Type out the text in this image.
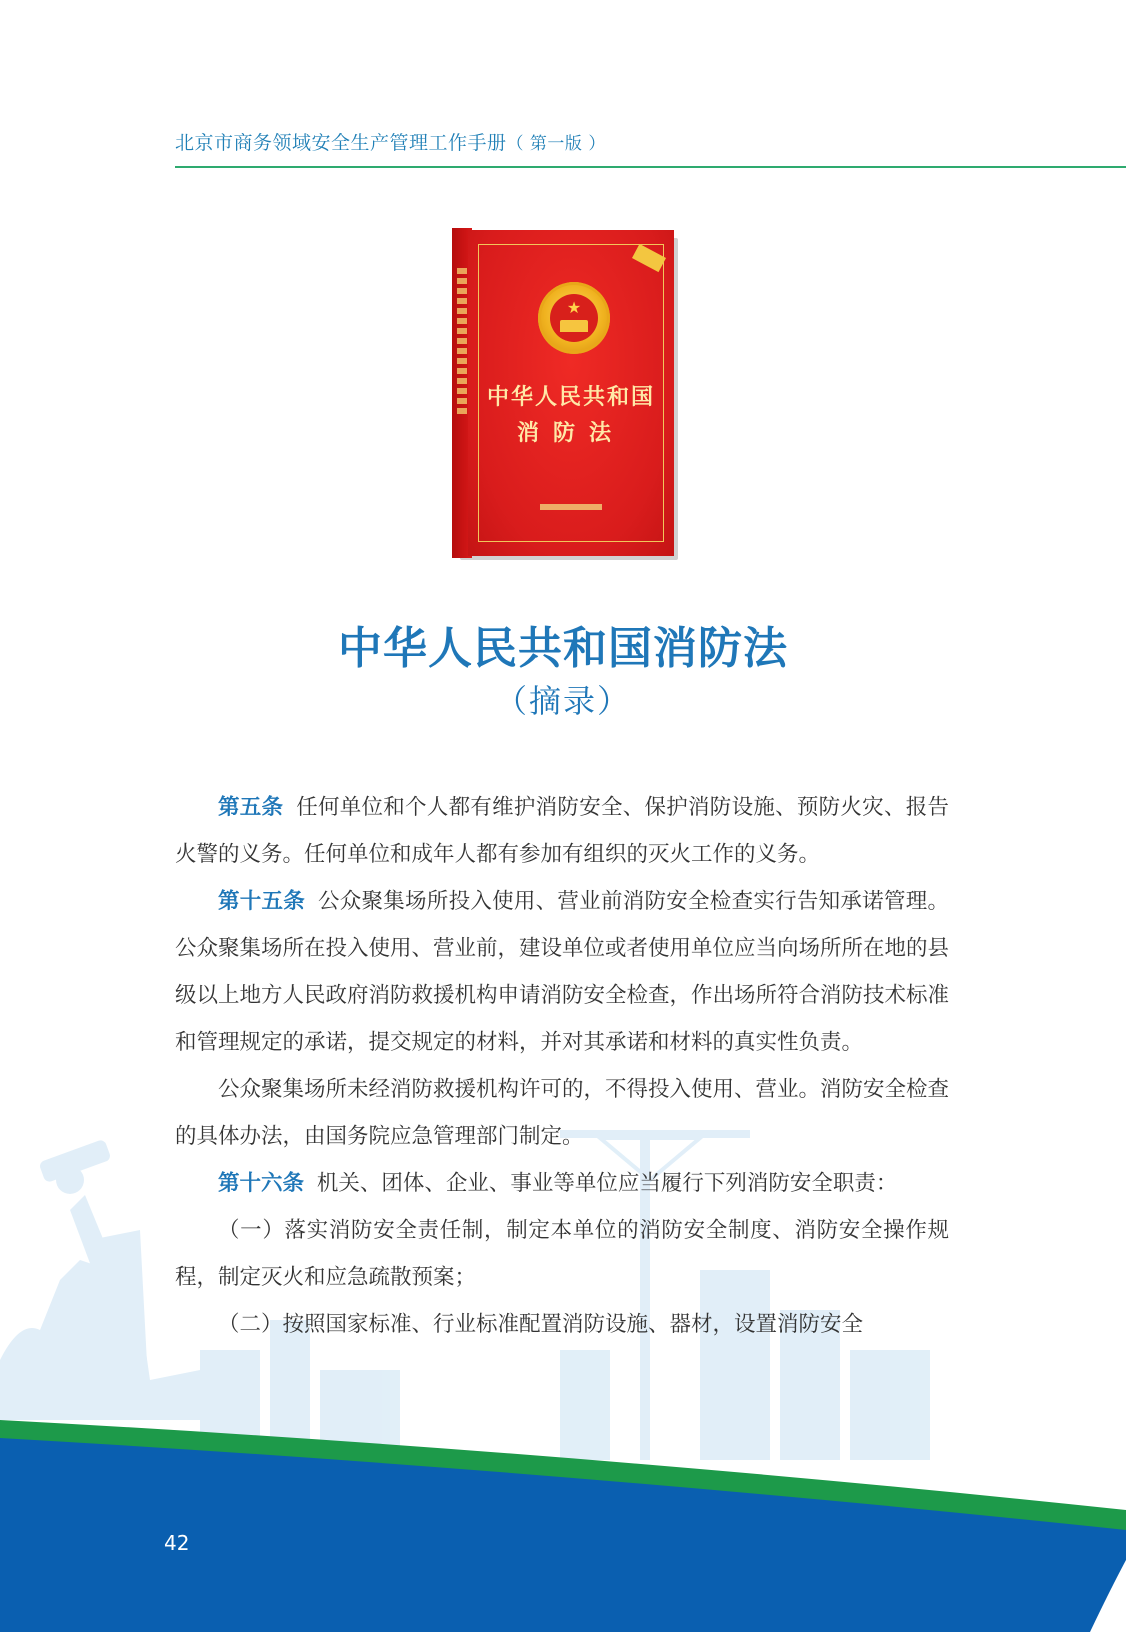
北京市商务领域安全生产管理工作手册（ 第一版 ）
★
中华人民共和国
消防法
中华人民共和国消防法
（摘录）

第五条 任何单位和个人都有维护消防安全、保护消防设施、预防火灾、报告火警的义务。任何单位和成年人都有参加有组织的灭火工作的义务。

第十五条 公众聚集场所投入使用、营业前消防安全检查实行告知承诺管理。公众聚集场所在投入使用、营业前，建设单位或者使用单位应当向场所所在地的县级以上地方人民政府消防救援机构申请消防安全检查，作出场所符合消防技术标准和管理规定的承诺，提交规定的材料，并对其承诺和材料的真实性负责。

公众聚集场所未经消防救援机构许可的，不得投入使用、营业。消防安全检查的具体办法，由国务院应急管理部门制定。

第十六条 机关、团体、企业、事业等单位应当履行下列消防安全职责：

（一）落实消防安全责任制，制定本单位的消防安全制度、消防安全操作规程，制定灭火和应急疏散预案；

（二）按照国家标准、行业标准配置消防设施、器材，设置消防安全

42
